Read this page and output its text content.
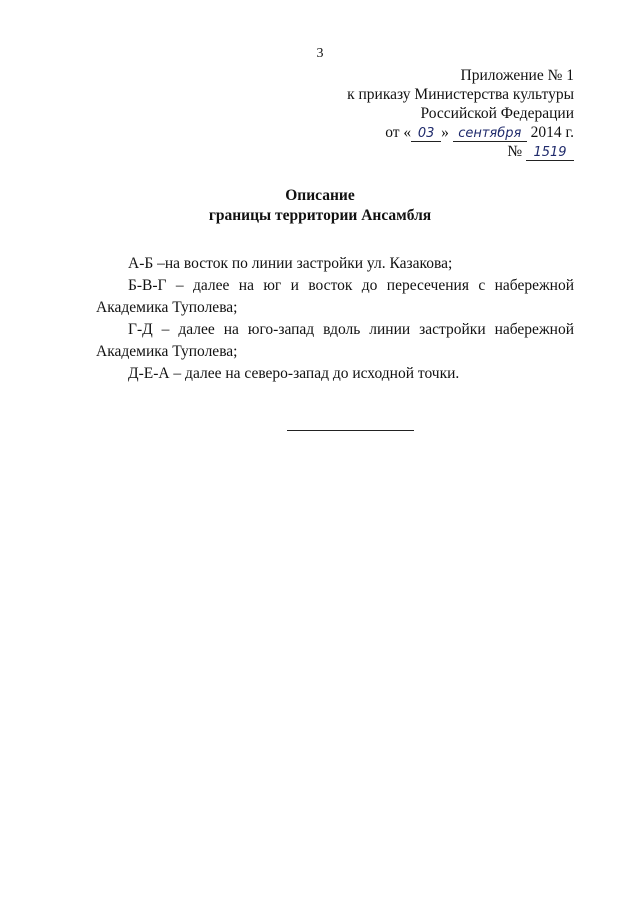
3
Приложение № 1
к приказу Министерства культуры
Российской Федерации
от « 03 » сентября 2014 г.
№ 1519
Описание
границы территории Ансамбля

А-Б –на восток по линии застройки ул. Казакова;

Б-В-Г – далее на юг и восток до пересечения с набережной Академика Туполева;

Г-Д – далее на юго-запад вдоль линии застройки набережной Академика Туполева;

Д-Е-А – далее на северо-запад до исходной точки.
